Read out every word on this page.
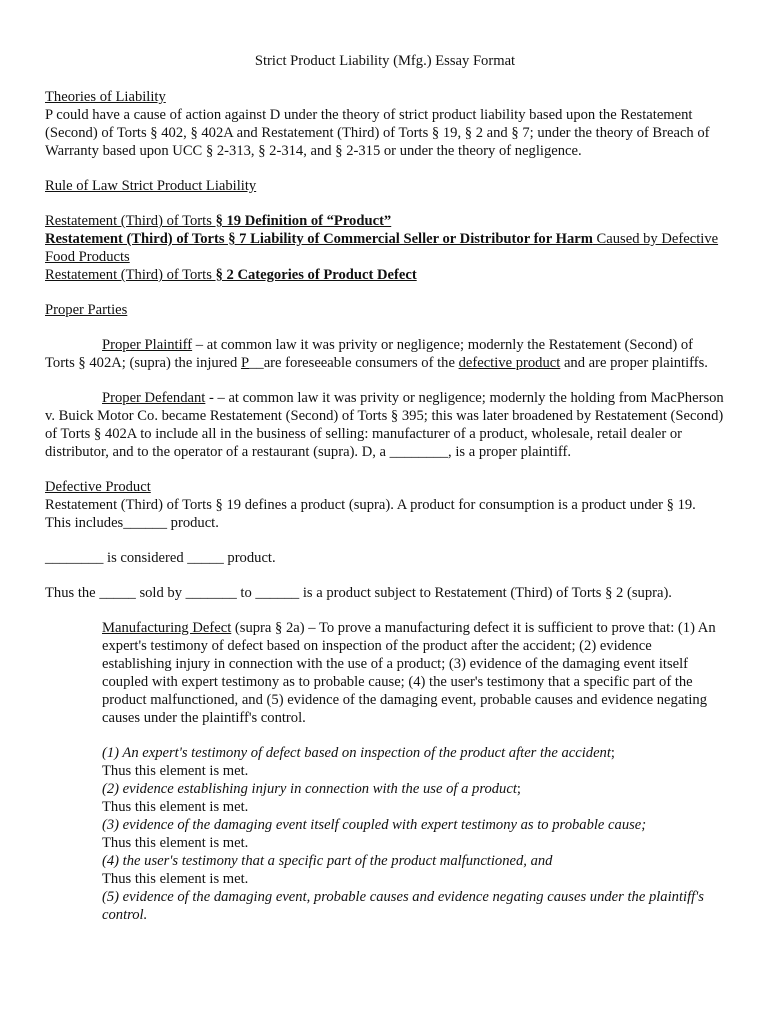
Strict Product Liability (Mfg.) Essay Format

Theories of Liability

P could have a cause of action against D under the theory of strict product liability based upon the Restatement (Second) of Torts § 402, § 402A and Restatement (Third) of Torts § 19, § 2 and § 7; under the theory of Breach of Warranty based upon UCC § 2-313, § 2-314, and § 2-315 or under the theory of negligence.

Rule of Law Strict Product Liability

Restatement (Third) of Torts § 19 Definition of “Product”

Restatement (Third) of Torts § 7 Liability of Commercial Seller or Distributor for Harm Caused by Defective Food Products

Restatement (Third) of Torts § 2 Categories of Product Defect

Proper Parties

Proper Plaintiff – at common law it was privity or negligence; modernly the Restatement (Second) of Torts § 402A; (supra) the injured P__are foreseeable consumers of the defective product and are proper plaintiffs.

Proper Defendant - – at common law it was privity or negligence; modernly the holding from MacPherson v. Buick Motor Co. became Restatement (Second) of Torts § 395; this was later broadened by Restatement (Second) of Torts § 402A to include all in the business of selling: manufacturer of a product, wholesale, retail dealer or distributor, and to the operator of a restaurant (supra). D, a ________, is a proper plaintiff.

Defective Product

Restatement (Third) of Torts § 19 defines a product (supra). A product for consumption is a product under § 19. This includes______ product.

________ is considered _____ product.

Thus the _____ sold by _______ to ______ is a product subject to Restatement (Third) of Torts § 2 (supra).

Manufacturing Defect (supra § 2a) – To prove a manufacturing defect it is sufficient to prove that: (1) An expert's testimony of defect based on inspection of the product after the accident; (2) evidence establishing injury in connection with the use of a product; (3) evidence of the damaging event itself coupled with expert testimony as to probable cause; (4) the user's testimony that a specific part of the product malfunctioned, and (5) evidence of the damaging event, probable causes and evidence negating causes under the plaintiff's control.

(1) An expert's testimony of defect based on inspection of the product after the accident;

Thus this element is met.

(2) evidence establishing injury in connection with the use of a product;

Thus this element is met.

(3) evidence of the damaging event itself coupled with expert testimony as to probable cause;

Thus this element is met.

(4) the user's testimony that a specific part of the product malfunctioned, and

Thus this element is met.

(5) evidence of the damaging event, probable causes and evidence negating causes under the plaintiff's control.
